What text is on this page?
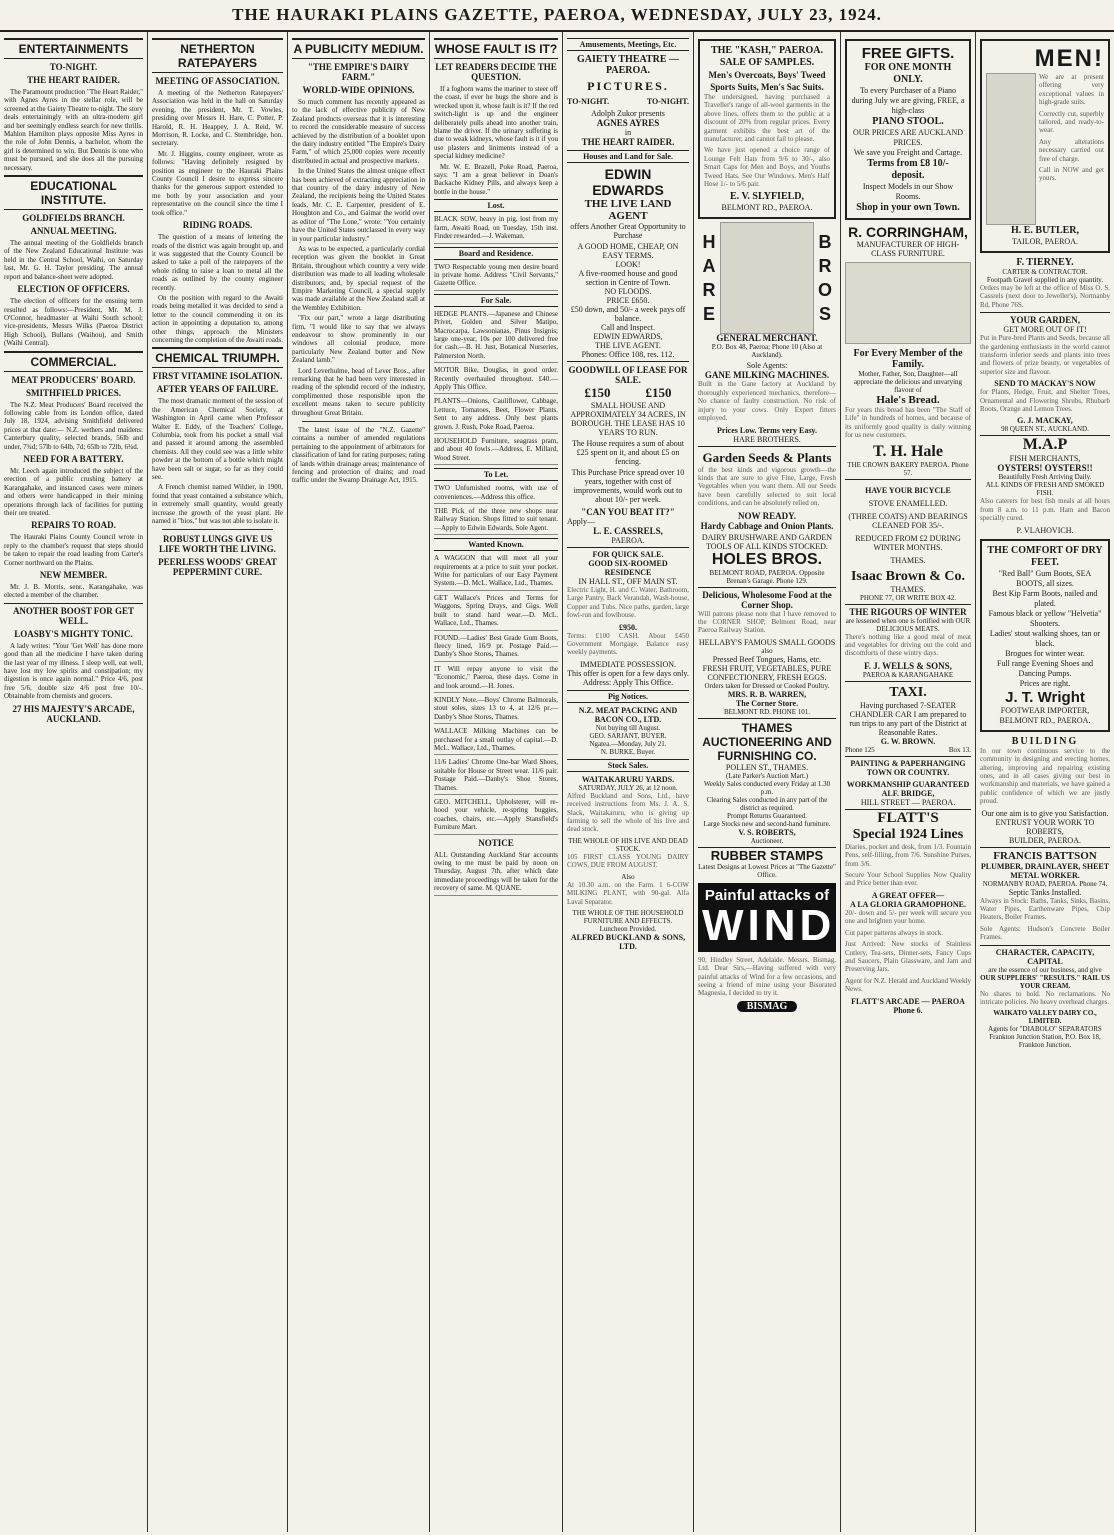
THE HAURAKI PLAINS GAZETTE, PAEROA, WEDNESDAY, JULY 23, 1924.
ENTERTAINMENTS
TO-NIGHT.
THE HEART RAIDER.

The Paramount production "The Heart Raider," with Agnes Ayres in the stellar role, will be screened at the Gaiety Theatre to-night. The story deals entertainingly with an ultra-modern girl and her seemingly endless search for new thrills. Mahlon Hamilton plays opposite Miss Ayres in the role of John Dennis, a bachelor, whom the girl is determined to win. But Dennis is one who must be pursued, and she does all the pursuing necessary.

EDUCATIONAL INSTITUTE.
GOLDFIELDS BRANCH.
ANNUAL MEETING.

The annual meeting of the Goldfields branch of the New Zealand Educational Institute was held in the Central School, Waihi, on Saturday last, Mr. G. H. Taylor presiding. The annual report and balance-sheet were adopted.

ELECTION OF OFFICERS.

The election of officers for the ensuing term resulted as follows:—President, Mr. M. J. O'Connor, headmaster at Waihi South school; vice-presidents, Messrs Wilks (Paeroa District High School), Bullans (Waihou), and Smith (Waihi Central).

COMMERCIAL.
MEAT PRODUCERS' BOARD.
SMITHFIELD PRICES.

The N.Z. Meat Producers' Board received the following cable from its London office, dated July 18, 1924, advising Smithfield delivered prices at that date:— N.Z. wethers and maidens: Canterbury quality, selected brands, 56lb and under, 7¾d; 57lb to 64lb, 7d; 65lb to 72lb, 6¾d.

NEED FOR A BATTERY.

Mr. Leech again introduced the subject of the erection of a public crushing battery at Karangahake, and instanced cases were miners and others were handicapped in their mining operations through lack of facilities for putting their ore treated.

REPAIRS TO ROAD.

The Hauraki Plains County Council wrote in reply to the chamber's request that steps should be taken to repair the road leading from Carter's Corner northward on the Plains.

NEW MEMBER.

Mr. J. B. Morris, senr., Karangahake, was elected a member of the chamber.

ANOTHER BOOST FOR GET WELL.
LOASBY'S MIGHTY TONIC.

A lady writes: "Your 'Get Well' has done more good than all the medicine I have taken during the last year of my illness. I sleep well, eat well, have lost my low spirits and constipation; my digestion is once again normal." Price 4/6, post free 5/6, double size 4/6 post free 10/-. Obtainable from chemists and grocers.

27 HIS MAJESTY'S ARCADE, AUCKLAND.
NETHERTON RATEPAYERS
MEETING OF ASSOCIATION.

A meeting of the Netherton Ratepayers' Association was held in the hall on Saturday evening, the president, Mr. T. Vowles, presiding over Messrs H. Hare, C. Potter, P. Harold, R. H. Heappey, J. A. Reid, W. Morrison, R. Locke, and C. Stembridge, hon. secretary.

Mr. J. Higgins, county engineer, wrote as follows: "Having definitely resigned by position as engineer to the Hauraki Plains County Council I desire to express sincere thanks for the generous support extended to me both by your association and your representative on the council since the time I took office."

RIDING ROADS.

The question of a means of lettering the roads of the district was again brought up, and it was suggested that the County Council be asked to take a poll of the ratepayers of the whole riding to raise a loan to metal all the roads as outlined by the county engineer recently.

On the position with regard to the Awaiti roads being metalled it was decided to send a letter to the council commending it on its action in appointing a deputation to, among other things, approach the Ministers concerning the completion of the Awaiti roads.

CHEMICAL TRIUMPH.
FIRST VITAMINE ISOLATION.
AFTER YEARS OF FAILURE.

The most dramatic moment of the session of the American Chemical Society, at Washington in April came when Professor Walter E. Eddy, of the Teachers' College, Columbia, took from his pocket a small vial and passed it around among the assembled chemists. All they could see was a little white powder at the bottom of a bottle which might have been salt or sugar, so far as they could see.

A French chemist named Wildier, in 1900, found that yeast contained a substance which, in extremely small quantity, would greatly increase the growth of the yeast plant. He named it "bios," but was not able to isolate it.

ROBUST LUNGS GIVE US LIFE WORTH THE LIVING.
PEERLESS WOODS' GREAT PEPPERMINT CURE.
A PUBLICITY MEDIUM.
"THE EMPIRE'S DAIRY FARM."
WORLD-WIDE OPINIONS.

So much comment has recently appeared as to the lack of effective publicity of New Zealand products overseas that it is interesting to record the considerable measure of success achieved by the distribution of a booklet upon the dairy industry entitled "The Empire's Dairy Farm," of which 25,000 copies were recently distributed in actual and prospective markets.

In the United States the almost unique effect has been achieved of extracting appreciation in that country of the dairy industry of New Zealand, the recipients being the United States leads, Mr. C. E. Carpenter, president of E. Houghton and Co., and Gaimar the world over as editor of "The Lone," wrote: "You certainly have the United States outclassed in every way in your particular industry."

As was to be expected, a particularly cordial reception was given the booklet in Great Britain, throughout which country a very wide distribution was made to all leading wholesale distributors, and, by special request of the Empire Marketing Council, a special supply was made available at the New Zealand stall at the Wembley Exhibition.

"Fix our part," wrote a large distributing firm, "I would like to say that we always endeavour to show prominently in our windows all colonial produce, more particularly New Zealand butter and New Zealand lamb."

Lord Leverhulme, head of Lever Bros., after remarking that he had been very interested in reading of the splendid record of the industry, complimented those responsible upon the excellent means taken to secure publicity throughout Great Britain.

The latest issue of the "N.Z. Gazette" contains a number of amended regulations pertaining to the appointment of arbitrators for classification of land for rating purposes; rating of lands within drainage areas; maintenance of fencing and protection of drains; and road traffic under the Swamp Drainage Act, 1915.

WHOSE FAULT IS IT?
LET READERS DECIDE THE QUESTION.

If a foghorn warns the mariner to steer off the coast, if ever he hugs the shore and is wrecked upon it, whose fault is it? If the red switch-light is up and the engineer deliberately pulls ahead into another train, blame the driver. If the urinary suffering is due to weak kidneys, whose fault is it if you use plasters and liniments instead of a special kidney medicine?

Mr. W. E. Brazell, Poke Road, Paeroa, says: "I am a great believer in Doan's Backache Kidney Pills, and always keep a bottle in the house."

Lost.
BLACK SOW, heavy in pig, lost from my farm, Awaiti Road, on Tuesday, 15th inst. Finder rewarded.—J. Wakeman.
Board and Residence.
TWO Respectable young men desire board in private home. Address "Civil Servants," Gazette Office.
For Sale.
HEDGE PLANTS.—Japanese and Chinese Privet, Golden and Silver Matipo, Macrocarpa, Lawsonianas, Pinus Insignis; large one-year, 10s per 100 delivered free for cash.—B. H. Just, Botanical Nurseries, Palmerston North.
MOTOR Bike, Douglas, in good order. Recently overhauled throughout. £40.—Apply This Office.
PLANTS—Onions, Cauliflower, Cabbage, Lettuce, Tomatoes, Beet, Flower Plants. Sent to any address. Only best plants grown. J. Rush, Poke Road, Paeroa.
HOUSEHOLD Furniture, seagrass pram, and about 40 fowls.—Address, E. Millard, Wood Street.
To Let.
TWO Unfurnished rooms, with use of conveniences.—Address this office.
THE Pick of the three new shops near Railway Station. Shops fitted to suit tenant.—Apply to Edwin Edwards, Sole Agent.
Wanted Known.
A WAGGON that will meet all your requirements at a price to suit your pocket. Write for particulars of our Easy Payment System.—D. McL. Wallace, Ltd., Thames.
GET Wallace's Prices and Terms for Waggons, Spring Drays, and Gigs. Well built to stand hard wear.—D. McL. Wallace, Ltd., Thames.
FOUND.—Ladies' Best Grade Gum Boots, fleecy lined, 16/9 pr. Postage Paid.—Danby's Shoe Stores, Thames.
IT Will repay anyone to visit the "Economic," Paeroa, these days. Come in and look around.—H. Jones.
KINDLY Note.—Boys' Chrome Balmorals, stout soles, sizes 13 to 4, at 12/6 pr.—Danby's Shoe Stores, Thames.
WALLACE Milking Machines can be purchased for a small outlay of capital.—D. McL. Wallace, Ltd., Thames.
11/6 Ladies' Chrome One-bar Ward Shoes, suitable for House or Street wear. 11/6 pair. Postage Paid.—Danby's Shoe Stores, Thames.
GEO. MITCHELL, Upholsterer, will re-hood your vehicle, re-spring buggies, coaches, chairs, etc.—Apply Stansfield's Furniture Mart.
NOTICE
ALL Outstanding Auckland Star accounts owing to me must be paid by noon on Thursday, August 7th, after which date immediate proceedings will be taken for the recovery of same. M. QUANE.
Amusements, Meetings, Etc.
GAIETY THEATRE — PAEROA.
PICTURES.
TO-NIGHT.	TO-NIGHT.
Adolph Zukor presents
AGNES AYRES
in
THE HEART RAIDER.
Houses and Land for Sale.
EDWIN EDWARDS
THE LIVE LAND AGENT
offers Another Great Opportunity to Purchase
A GOOD HOME, CHEAP, ON EASY TERMS.
LOOK!
A five-roomed house and good section in Centre of Town.
NO FLOODS.
PRICE £650.
£50 down, and 50/- a week pays off balance.
Call and Inspect.
EDWIN EDWARDS,
THE LIVE AGENT.
Phones: Office 108, res. 112.
GOODWILL OF LEASE FOR SALE.
£150	£150
SMALL HOUSE AND APPROXIMATELY 34 ACRES, IN BOROUGH. THE LEASE HAS 10 YEARS TO RUN.
The House requires a sum of about £25 spent on it, and about £5 on fencing.
This Purchase Price spread over 10 years, together with cost of improvements, would work out to about 10/- per week.
"CAN YOU BEAT IT?"
Apply—
L. E. CASSRELS,
PAEROA.
FOR QUICK SALE.
GOOD SIX-ROOMED RESIDENCE
IN HALL ST., OFF MAIN ST.
Electric Light, H. and C. Water, Bathroom, Large Pantry, Back Verandah, Wash-house, Copper and Tubs. Nice paths, garden, large fowl-run and fowlhouse.
£950.
Terms: £100 CASH. About £450 Government Mortgage. Balance easy weekly payments.
IMMEDIATE POSSESSION.
This offer is open for a few days only.
Address: Apply This Office.
Pig Notices.
N.Z. MEAT PACKING AND BACON CO., LTD.
Not buying till August.
GEO. SARJANT, BUYER.
Ngatea.—Monday, July 21.
N. BURKE, Buyer.
Stock Sales.
WAITAKARURU YARDS.
SATURDAY, JULY 26, at 12 noon.
Alfred Buckland and Sons, Ltd., have received instructions from Ms. J. A. S. Slack, Waitakaruru, who is giving up farming to sell the whole of his live and dead stock.
THE WHOLE OF HIS LIVE AND DEAD STOCK.
105 FIRST CLASS YOUNG DAIRY COWS, DUE FROM AUGUST.
Also
At 10.30 a.m. on the Farm. 1 6-COW MILKING PLANT, with 90-gal. Alfa Laval Separator.
THE WHOLE OF THE HOUSEHOLD FURNITURE AND EFFECTS.
Luncheon Provided.
ALFRED BUCKLAND & SONS, LTD.
THE "KASH," PAEROA.
SALE OF SAMPLES.
Men's Overcoats, Boys' Tweed Sports Suits, Men's Sac Suits.
The undersigned, having purchased a Traveller's range of all-wool garments in the above lines, offers them to the public at a discount of 20% from regular prices. Every garment exhibits the best art of the manufacturer, and cannot fail to please.
We have just opened a choice range of Lounge Felt Hats from 9/6 to 30/-, also Smart Caps for Men and Boys, and Youths Tweed Hats. See Our Windows. Men's Half Hose 1/- to 5/6 pair.
E. V. SLYFIELD,
BELMONT RD., PAEROA.
HARE
BROS
GENERAL MERCHANT.
P.O. Box 48, Paeroa; Phone 10 (Also at Auckland).
Sole Agents:
GANE MILKING MACHINES.
Built in the Gane factory at Auckland by thoroughly experienced mechanics, therefore—No chance of faulty construction. No risk of injury to your cows. Only Expert fitters employed.
Prices Low. Terms very Easy.
HARE BROTHERS.
Garden Seeds & Plants
of the best kinds and vigorous growth—the kinds that are sure to give Fine, Large, Fresh Vegetables when you want them. All our Seeds have been carefully selected to suit local conditions, and can be absolutely relied on.
NOW READY.
Hardy Cabbage and Onion Plants.
DAIRY BRUSHWARE AND GARDEN TOOLS OF ALL KINDS STOCKED.
HOLES BROS.
BELMONT ROAD, PAEROA. Opposite Brenan's Garage. Phone 129.
Delicious, Wholesome Food at the Corner Shop.
Will patrons please note that I have removed to the CORNER SHOP, Belmont Road, near Paeroa Railway Station.
HELLABY'S FAMOUS SMALL GOODS
also
Pressed Beef Tongues, Hams, etc.
FRESH FRUIT, VEGETABLES, PURE CONFECTIONERY, FRESH EGGS.
Orders taken for Dressed or Cooked Poultry.
MRS. R. B. WARREN,
The Corner Store.
BELMONT RD. PHONE 101.
THAMES AUCTIONEERING AND FURNISHING CO.
POLLEN ST., THAMES.
(Late Parker's Auction Mart.)
Weekly Sales conducted every Friday at 1.30 p.m.
Clearing Sales conducted in any part of the district as required.
Prompt Returns Guaranteed.
Large Stocks new and second-hand furniture.
V. S. ROBERTS,
Auctioneer.
RUBBER STAMPS
Latest Designs at Lowest Prices at "The Gazette" Office.
Painful attacks of
WIND
90, Hindley Street, Adelaide. Messrs. Bismag, Ltd. Dear Sirs,—Having suffered with very painful attacks of Wind for a few occasions, and seeing a friend of mine using your Bisurated Magnesia, I decided to try it.
BISMAG
FREE GIFTS.
FOR ONE MONTH ONLY.
To every Purchaser of a Piano during July we are giving, FREE, a high-class
PIANO STOOL.
OUR PRICES ARE AUCKLAND PRICES.
We save you Freight and Cartage.
Terms from £8 10/- deposit.
Inspect Models in our Show Rooms.
Shop in your own Town.
R. CORRINGHAM,
MANUFACTURER OF HIGH-CLASS FURNITURE.
For Every Member of the Family.
Mother, Father, Son, Daughter—all appreciate the delicious and unvarying flavour of
Hale's Bread.
For years this bread has been "The Staff of Life" in hundreds of homes, and because of its uniformly good quality is daily winning for us new customers.
T. H. Hale
THE CROWN BAKERY PAEROA. Phone 57.
HAVE YOUR BICYCLE
STOVE ENAMELLED.
(THREE COATS) AND BEARINGS CLEANED FOR 35/-.
REDUCED FROM £2 DURING WINTER MONTHS.
THAMES.
Isaac Brown & Co.
THAMES.
PHONE 77, OR WRITE BOX 42.
THE RIGOURS OF WINTER
are lessened when one is fortified with OUR DELICIOUS MEATS.
There's nothing like a good meal of meat and vegetables for driving out the cold and discomforts of these wintry days.
F. J. WELLS & SONS,
PAEROA & KARANGAHAKE
TAXI.
Having purchased 7-SEATER CHANDLER CAR I am prepared to run trips to any part of the District at Reasonable Rates.
G. W. BROWN.
Phone 125	Box 13.
PAINTING & PAPERHANGING TOWN OR COUNTRY.
WORKMANSHIP GUARANTEED
ALF. BRIDGE,
HILL STREET — PAEROA.
FLATT'S
Special 1924 Lines
Diaries, pocket and desk, from 1/3. Fountain Pens, self-filling, from 7/6. Sunshine Purses, from 3/6.
Secure Your School Supplies Now Quality and Price better than ever.
A GREAT OFFER—
A LA GLORIA GRAMOPHONE.
20/- down and 5/- per week will secure you one and brighten your home.
Cut paper patterns always in stock.
Just Arrived: New stocks of Stainless Cutlery, Tea-sets, Dinner-sets, Fancy Cups and Saucers, Plain Glassware, and Jam and Preserving Jars.
Agent for N.Z. Herald and Auckland Weekly News.
FLATT'S ARCADE — PAEROA
Phone 6.
MEN!
We are at present offering very exceptional values in high-grade suits.
Correctly cut, superbly tailored, and ready-to-wear.
Any alterations necessary carried out free of charge.
Call in NOW and get yours.
H. E. BUTLER,
TAILOR, PAEROA.
F. TIERNEY.
CARTER & CONTRACTOR.
Footpath Gravel supplied in any quantity.
Orders may be left at the office of Miss O. S. Cassrels (next door to Jeweller's), Normanby Rd, Phone 76S.
YOUR GARDEN,
GET MORE OUT OF IT!
Put in Pure-bred Plants and Seeds, because all the gardening enthusiasts in the world cannot transform inferior seeds and plants into trees and flowers of prize beauty, or vegetables of superior size and flavour.
SEND TO MACKAY'S NOW
for Plants, Hedge, Fruit, and Shelter Trees, Ornamental and Flowering Shrubs, Rhubarb Roots, Orange and Lemon Trees.
G. J. MACKAY,
98 QUEEN ST., AUCKLAND.
M.A.P
FISH MERCHANTS,
OYSTERS! OYSTERS!!
Beautifully Fresh Arriving Daily.
ALL KINDS OF FRESH AND SMOKED FISH.
Also caterers for best fish meals at all hours from 8 a.m. to 11 p.m. Ham and Bacon specially cured.
P. VLAHOVICH.
THE COMFORT OF DRY FEET.
"Red Ball" Gum Boots, SEA BOOTS, all sizes.
Best Kip Farm Boots, nailed and plated.
Famous black or yellow "Helvetia" Shooters.
Ladies' stout walking shoes, tan or black.
Brogues for winter wear.
Full range Evening Shoes and Dancing Pumps.
Prices are right.
J. T. Wright
FOOTWEAR IMPORTER, BELMONT RD., PAEROA.
BUILDING
In our town continuous service to the community in designing and erecting homes, altering, improving and repairing existing ones, and in all cases giving our best in workmanship and materials, we have gained a public confidence of which we are justly proud.
Our one aim is to give you Satisfaction.
ENTRUST YOUR WORK TO ROBERTS,
BUILDER, PAEROA.
FRANCIS BATTSON
PLUMBER, DRAINLAYER, SHEET METAL WORKER.
NORMANBY ROAD, PAEROA. Phone 74.
Septic Tanks Installed.
Always in Stock: Baths, Tanks, Sinks, Basins, Water Pipes, Earthenware Pipes, Chip Heaters, Boiler Frames.
Sole Agents: Hudson's Concrete Boiler Frames.
CHARACTER, CAPACITY, CAPITAL
are the essence of our business, and give
OUR SUPPLIERS' "RESULTS." RAIL US YOUR CREAM.
No shares to hold. No reclamations. No intricate policies. No heavy overhead charges.
WAIKATO VALLEY DAIRY CO., LIMITED.
Agents for "DIABOLO" SEPARATORS
Frankton Junction Station, P.O. Box 18, Frankton Junction.
